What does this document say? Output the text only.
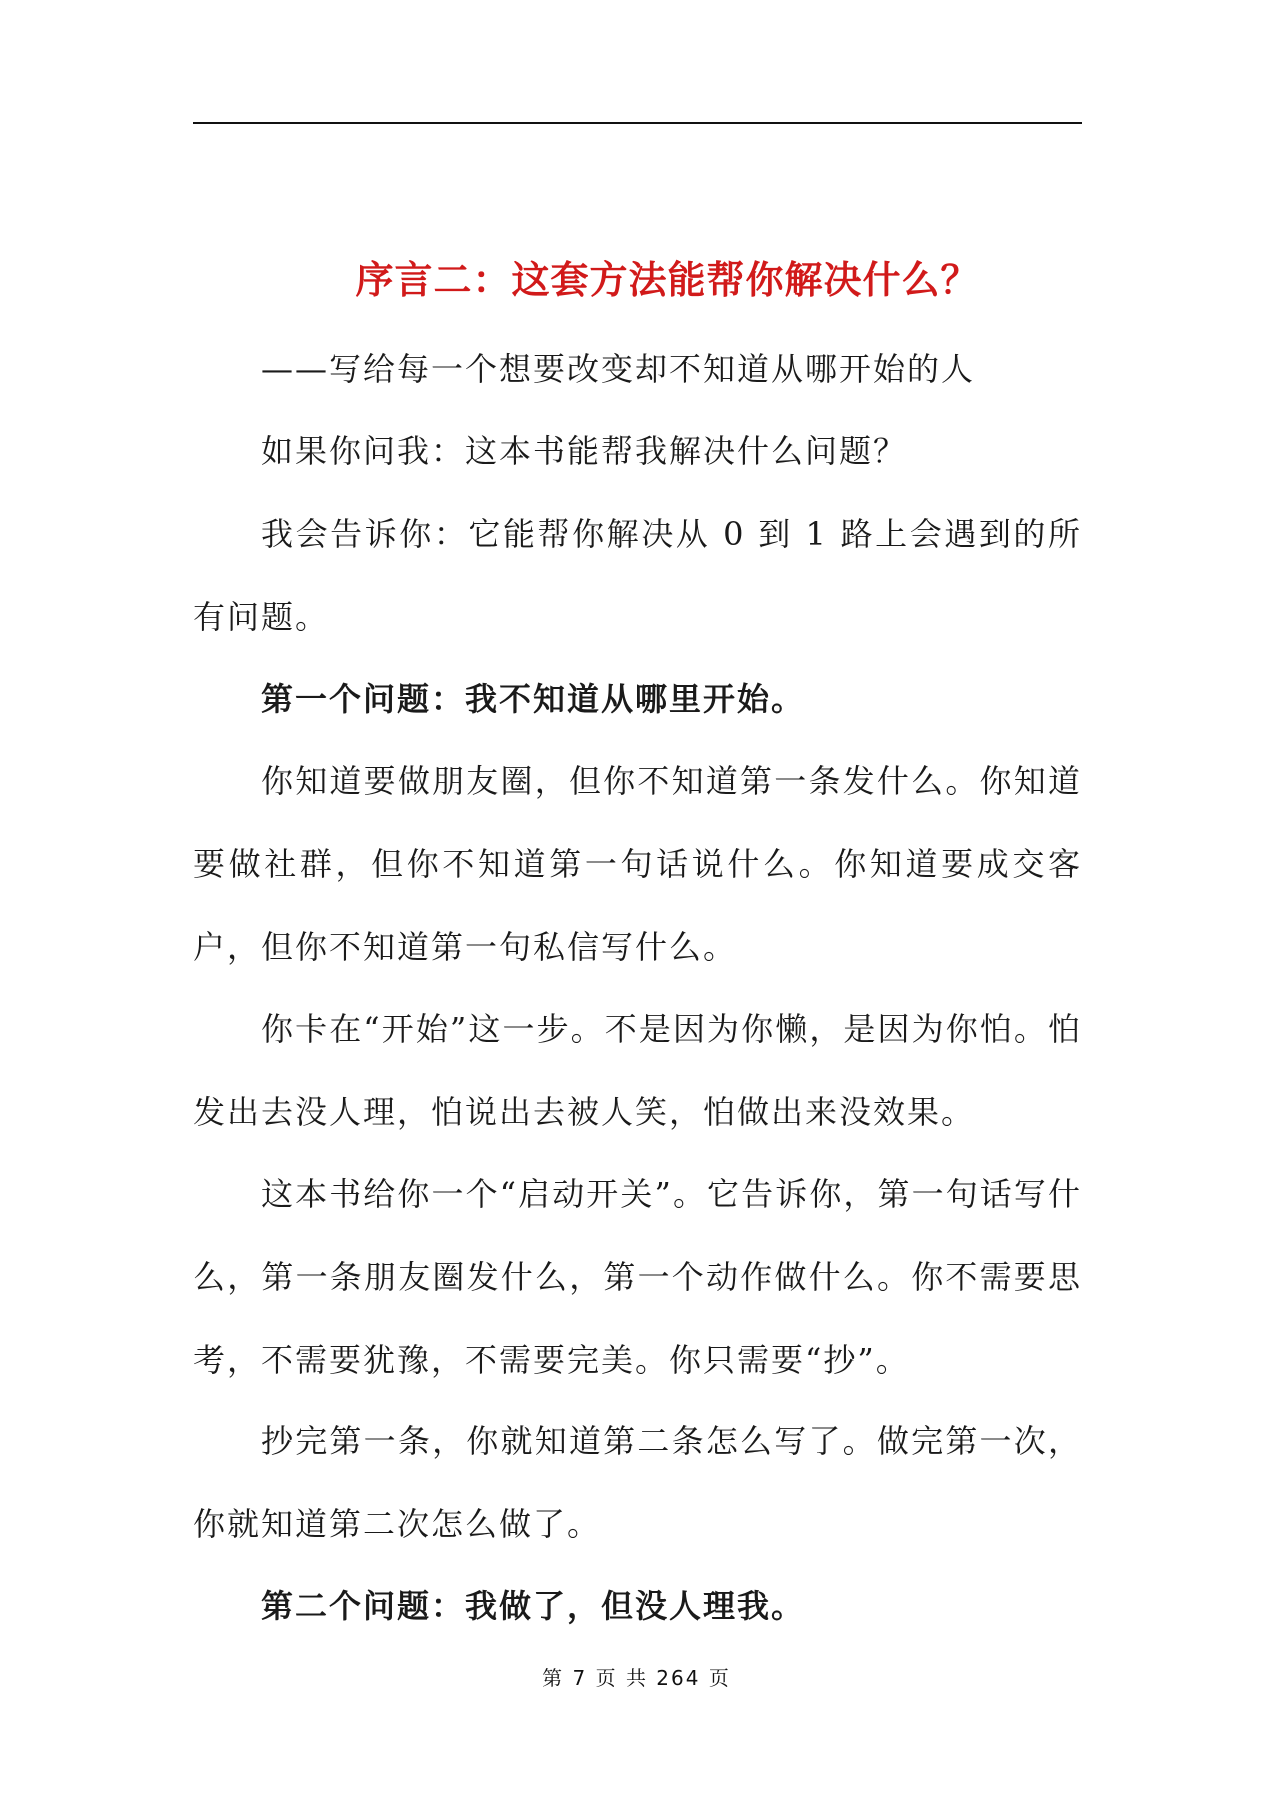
序言二：这套方法能帮你解决什么？

——写给每一个想要改变却不知道从哪开始的人

如果你问我：这本书能帮我解决什么问题？

我会告诉你：它能帮你解决从 0 到 1 路上会遇到的所有问题。

第一个问题：我不知道从哪里开始。

你知道要做朋友圈，但你不知道第一条发什么。你知道要做社群，但你不知道第一句话说什么。你知道要成交客户，但你不知道第一句私信写什么。

你卡在“开始”这一步。不是因为你懒，是因为你怕。怕发出去没人理，怕说出去被人笑，怕做出来没效果。

这本书给你一个“启动开关”。它告诉你，第一句话写什么，第一条朋友圈发什么，第一个动作做什么。你不需要思考，不需要犹豫，不需要完美。你只需要“抄”。

抄完第一条，你就知道第二条怎么写了。做完第一次，你就知道第二次怎么做了。

第二个问题：我做了，但没人理我。

第 7 页 共 264 页
